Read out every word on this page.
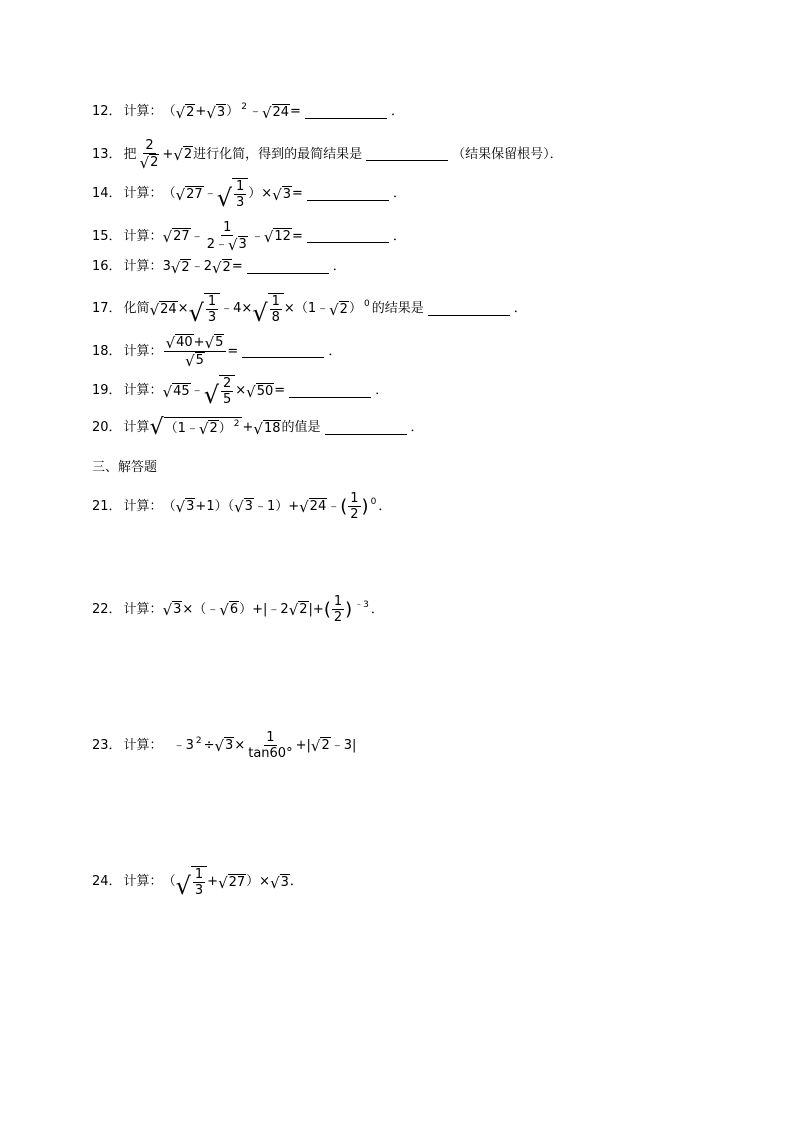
12． 计算： （ √ 2 + √ 3 ） 2 ﹣ √ 24 =	．
13． 把 $\frac{2}{√ 2}$ + √ 2 进行化简，得到的最简结果是	（结果保留根号）．
14． 计算： （ √ 27 ﹣ √ $\frac{1}{3}$ ） × √ 3 =	．
15． 计算： √ 27 ﹣ $\frac{1}{2﹣ √ 3}$ ﹣ √ 12 =	．
16． 计算： 3 √ 2 ﹣ 2 √ 2 =	．
17． 化简 √ 24 × √ $\frac{1}{3}$ ﹣4× √ $\frac{1}{8}$ × （ 1﹣ √ 2 ） 0 的结果是	．
18． 计算： $\frac{√ 40 + √ 5}{√ 5}$ =	．
19． 计算： √ 45 ﹣ √ $\frac{2}{5}$ × √ 50 =	．
20． 计算 √ （1﹣ √ 2 ） 2 + √ 18 的值是	．
三、解答题
21． 计算： （ √ 3 +1）（ √ 3 ﹣1）+ √ 24 ﹣ ( $\frac{1}{2}$ ) 0 ．
22． 计算： √ 3 ×（﹣ √ 6 ）+|﹣2 √ 2 |+ ( $\frac{1}{2}$ ) ﹣3 ．
23． 计算： ﹣3 2 ÷ √ $3 \times \frac{1}{\tan 60^\circ}$ +| √ 2 ﹣3|
24． 计算： （ √ $\frac{1}{3}$ + √ 27 ）× √ 3 ．
